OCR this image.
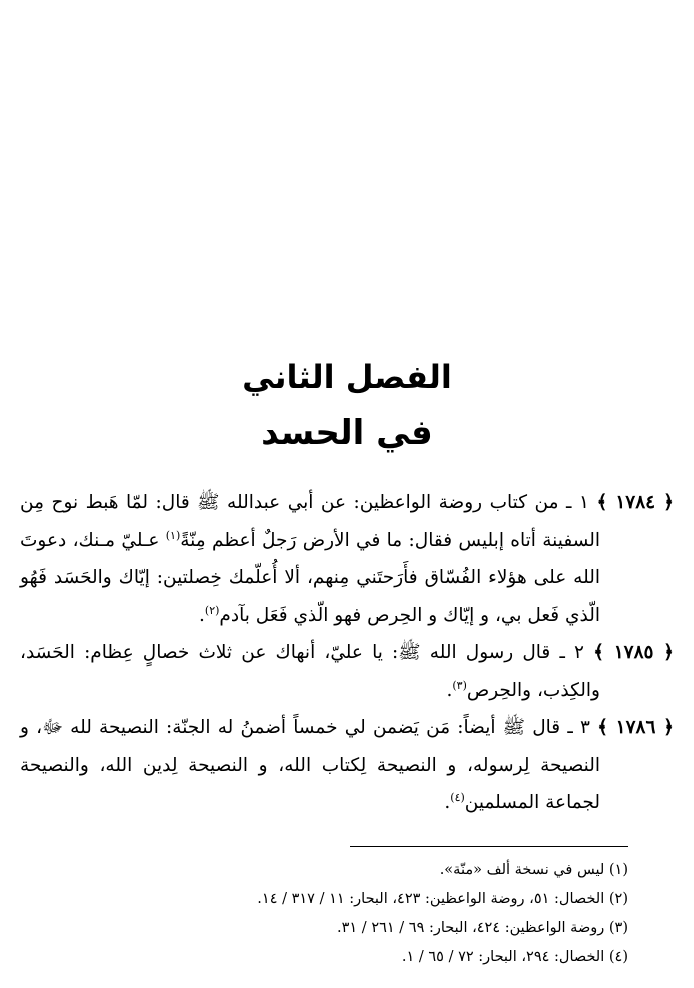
الفصل الثاني
في الحسد

﴿ ١٧٨٤ ﴾ ١ ـ من كتاب روضة الواعظين: عن أبي عبدالله ﷺ قال: لمّا هَبط نوح مِن السفينة أتاه إبليس فقال: ما في الأرض رَجلٌ أعظم مِنّةً$^{(١)}$ عـليّ مـنك، دعوتَ الله على هؤلاء الفُسّاق فأَرَحتَني مِنهم، ألا أُعلّمك خِصلتين: إيّاك والحَسَد فَهُو الّذي فَعل بي، و إيّاك و الحِرص فهو الّذي فَعَل بآدم$^{(٢)}$.

﴿ ١٧٨٥ ﴾ ٢ ـ قال رسول الله ﷺ: يا عليّ، أنهاك عن ثلاث خصالٍ عِظام: الحَسَد، والكِذب، والحِرص$^{(٣)}$.

﴿ ١٧٨٦ ﴾ ٣ ـ قال ﷺ أيضاً: مَن يَضمن لي خمساً أضمنُ له الجنّة: النصيحة لله ﷻ، و النصيحة لِرسوله، و النصيحة لِكتاب الله، و النصيحة لِدين الله، والنصيحة لجماعة المسلمين$^{(٤)}$.

(١) ليس في نسخة ألف «منّة».
(٢) الخصال: ٥١، روضة الواعظين: ٤٢٣، البحار: ١١ / ٣١٧ / ١٤.
(٣) روضة الواعظين: ٤٢٤، البحار: ٦٩ / ٢٦١ / ٣١.
(٤) الخصال: ٢٩٤، البحار: ٧٢ / ٦٥ / ١.
